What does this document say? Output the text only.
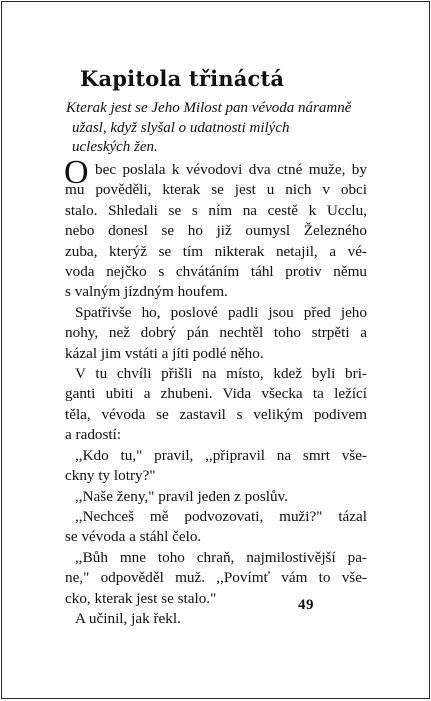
Kapitola třináctá
Kterak jest se Jeho Milost pan vévoda náramně
užasl, když slyšal o udatnosti milých
ucleských žen.
O bec poslala k vévodovi dva ctné muže, by
mu pověděli, kterak se jest u nich v obci
stalo. Shledali se s ním na cestě k Ucclu,
nebo donesl se ho již oumysl Železného
zuba, kterýž se tím nikterak netajil, a vé-
voda nejčko s chvátáním táhl protiv němu
s valným jízdným houfem.
Spatřivše ho, poslové padli jsou před jeho
nohy, než dobrý pán nechtěl toho strpěti a
kázal jim vstáti a jíti podlé něho.
V tu chvíli přišli na místo, kdež byli bri-
ganti ubiti a zhubeni. Vida všecka ta ležící
těla, vévoda se zastavil s velikým podivem
a radostí:
,,Kdo tu," pravil, ,,připravil na smrt vše-
ckny ty lotry?"
,,Naše ženy," pravil jeden z poslův.
,,Nechceš mě podvozovati, muži?" tázal
se vévoda a stáhl čelo.
,,Bůh mne toho chraň, najmilostivější pa-
ne," odpověděl muž. ,,Povímť vám to vše-
cko, kterak jest se stalo."
A učinil, jak řekl.
49
